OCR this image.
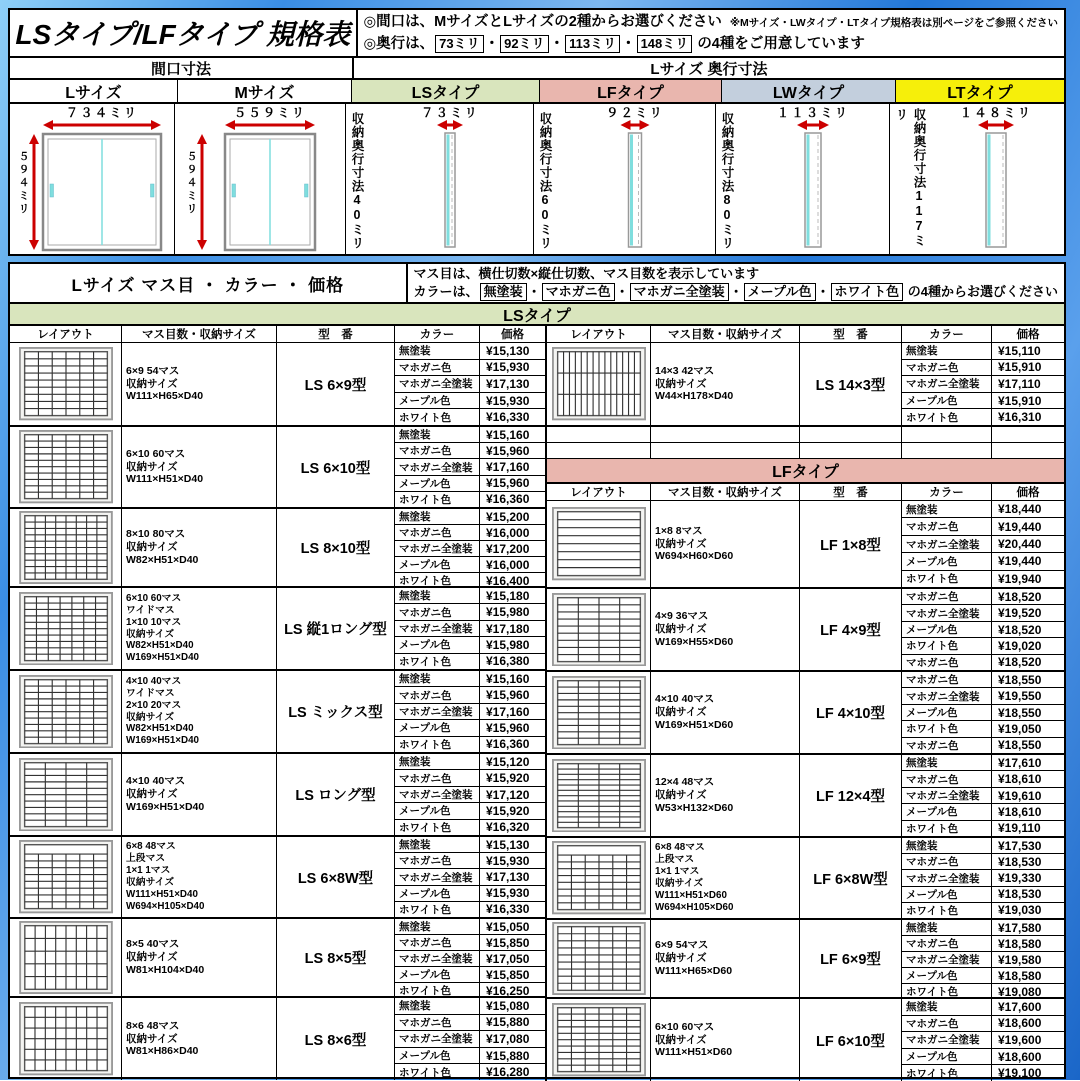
LSタイプ/LFタイプ 規格表 ◎間口は、MサイズとLサイズの2種からお選びください ※Mサイズ・LWタイプ・LTタイプ規格表は別ページをご参照ください
◎奥行は、 73ミリ ・ 92ミリ ・ 113ミリ ・ 148ミリ の4種をご用意しています
間口寸法	Lサイズ 奥行寸法
Lサイズ	Mサイズ	LSタイプ	LFタイプ	LWタイプ	LTタイプ
７３４ミリ
５
９
４
ミ
リ
５５９ミリ
５
９
４
ミ
リ	収納奥行寸法40ミリ	７３ミリ	収納奥行寸法60ミリ	９２ミリ	収納奥行寸法80ミリ	１１３ミリ	収納奥行寸法117ミリ	１４８ミリ
Lサイズ マス目 ・ カラー ・ 価格
マス目は、横仕切数×縦仕切数、マス目数を表示しています
カラーは、 無塗装 ・ マホガニ色 ・ マホガニ全塗装 ・ メープル色 ・ ホワイト色 の4種からお選びください
LSタイプ
レイアウト	マス目数・収納サイズ	型　番	カラー	価格
6×9 54マス
収納サイズ
W111×H65×D40
LS 6×9型
無塗装	¥15,130
マホガニ色	¥15,930
マホガニ全塗装	¥17,130
メープル色	¥15,930
ホワイト色	¥16,330
6×10 60マス
収納サイズ
W111×H51×D40
LS 6×10型
無塗装	¥15,160
マホガニ色	¥15,960
マホガニ全塗装	¥17,160
メープル色	¥15,960
ホワイト色	¥16,360
8×10 80マス
収納サイズ
W82×H51×D40
LS 8×10型
無塗装	¥15,200
マホガニ色	¥16,000
マホガニ全塗装	¥17,200
メープル色	¥16,000
ホワイト色	¥16,400
6×10 60マス
ワイドマス
1×10 10マス
収納サイズ
W82×H51×D40
W169×H51×D40
LS 縦1ロング型
無塗装	¥15,180
マホガニ色	¥15,980
マホガニ全塗装	¥17,180
メープル色	¥15,980
ホワイト色	¥16,380
4×10 40マス
ワイドマス
2×10 20マス
収納サイズ
W82×H51×D40
W169×H51×D40
LS ミックス型
無塗装	¥15,160
マホガニ色	¥15,960
マホガニ全塗装	¥17,160
メープル色	¥15,960
ホワイト色	¥16,360
4×10 40マス
収納サイズ
W169×H51×D40
LS ロング型
無塗装	¥15,120
マホガニ色	¥15,920
マホガニ全塗装	¥17,120
メープル色	¥15,920
ホワイト色	¥16,320
6×8 48マス
上段マス
1×1 1マス
収納サイズ
W111×H51×D40
W694×H105×D40
LS 6×8W型
無塗装	¥15,130
マホガニ色	¥15,930
マホガニ全塗装	¥17,130
メープル色	¥15,930
ホワイト色	¥16,330
8×5 40マス
収納サイズ
W81×H104×D40
LS 8×5型
無塗装	¥15,050
マホガニ色	¥15,850
マホガニ全塗装	¥17,050
メープル色	¥15,850
ホワイト色	¥16,250
8×6 48マス
収納サイズ
W81×H86×D40
LS 8×6型
無塗装	¥15,080
マホガニ色	¥15,880
マホガニ全塗装	¥17,080
メープル色	¥15,880
ホワイト色	¥16,280
レイアウト	マス目数・収納サイズ	型　番	カラー	価格
14×3 42マス
収納サイズ
W44×H178×D40
LS 14×3型
無塗装	¥15,110
マホガニ色	¥15,910
マホガニ全塗装	¥17,110
メープル色	¥15,910
ホワイト色	¥16,310
LFタイプ
レイアウト	マス目数・収納サイズ	型　番	カラー	価格
1×8 8マス
収納サイズ
W694×H60×D60
LF 1×8型
無塗装	¥18,440
マホガニ色	¥19,440
マホガニ全塗装	¥20,440
メープル色	¥19,440
ホワイト色	¥19,940
4×9 36マス
収納サイズ
W169×H55×D60
LF 4×9型
マホガニ色	¥18,520
マホガニ全塗装	¥19,520
メープル色	¥18,520
ホワイト色	¥19,020
マホガニ色	¥18,520
4×10 40マス
収納サイズ
W169×H51×D60
LF 4×10型
マホガニ色	¥18,550
マホガニ全塗装	¥19,550
メープル色	¥18,550
ホワイト色	¥19,050
マホガニ色	¥18,550
12×4 48マス
収納サイズ
W53×H132×D60
LF 12×4型
無塗装	¥17,610
マホガニ色	¥18,610
マホガニ全塗装	¥19,610
メープル色	¥18,610
ホワイト色	¥19,110
6×8 48マス
上段マス
1×1 1マス
収納サイズ
W111×H51×D60
W694×H105×D60
LF 6×8W型
無塗装	¥17,530
マホガニ色	¥18,530
マホガニ全塗装	¥19,330
メープル色	¥18,530
ホワイト色	¥19,030
6×9 54マス
収納サイズ
W111×H65×D60
LF 6×9型
無塗装	¥17,580
マホガニ色	¥18,580
マホガニ全塗装	¥19,580
メープル色	¥18,580
ホワイト色	¥19,080
6×10 60マス
収納サイズ
W111×H51×D60
LF 6×10型
無塗装	¥17,600
マホガニ色	¥18,600
マホガニ全塗装	¥19,600
メープル色	¥18,600
ホワイト色	¥19,100
